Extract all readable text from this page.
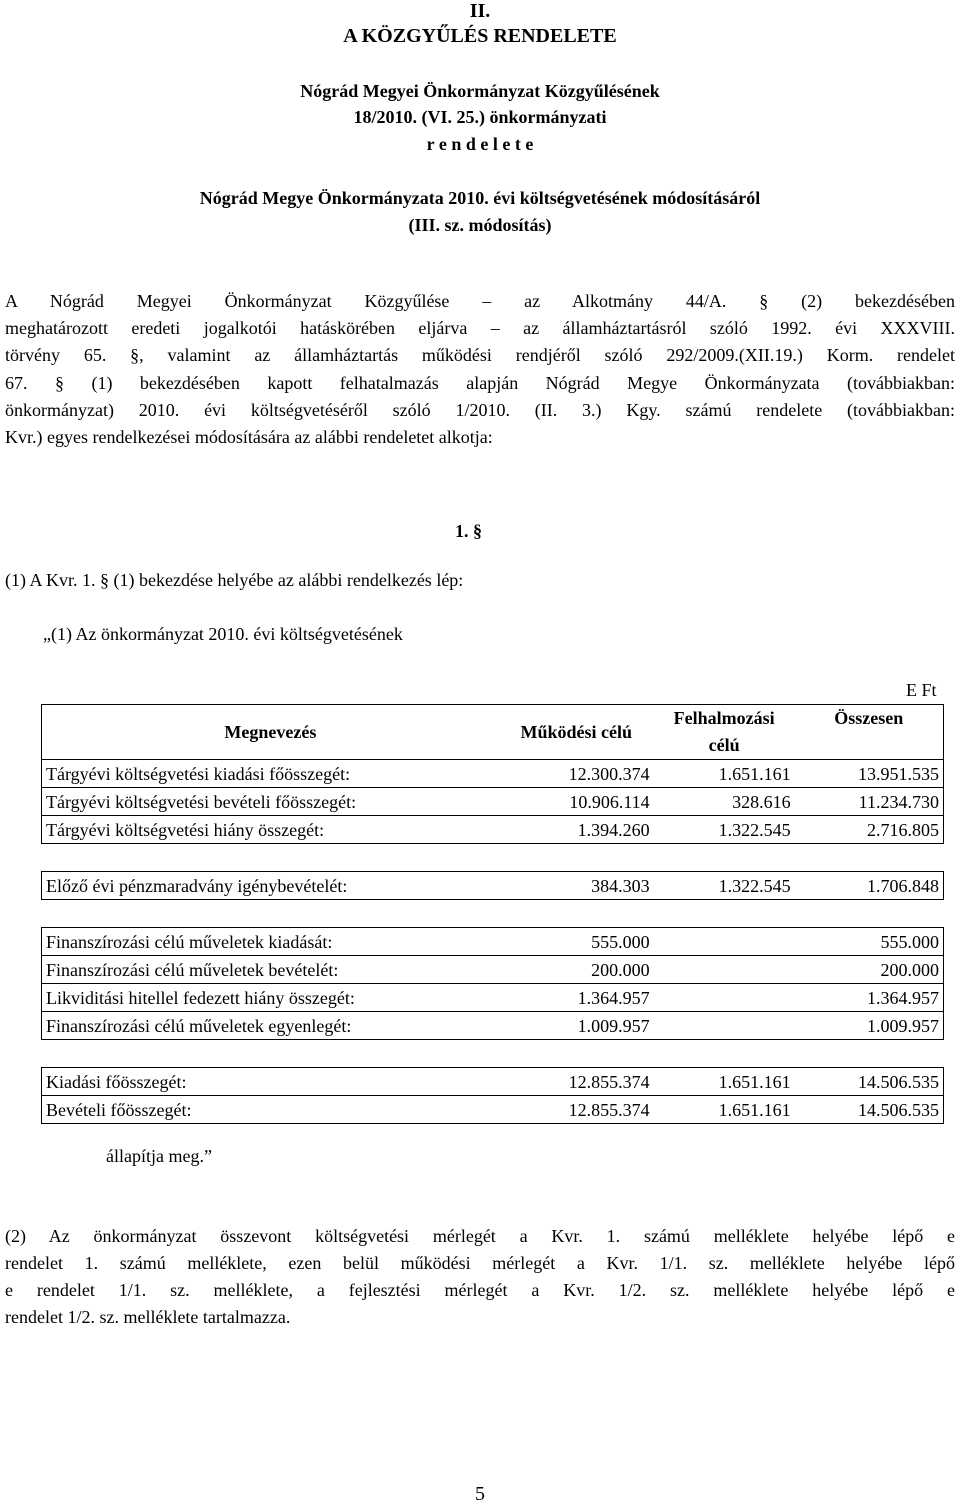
II.
A KÖZGYŰLÉS RENDELETE
Nógrád Megyei Önkormányzat Közgyűlésének
18/2010. (VI. 25.) önkormányzati
r e n d e l e t e
Nógrád Megye Önkormányzata 2010. évi költségvetésének módosításáról
(III. sz. módosítás)
A Nógrád Megyei Önkormányzat Közgyűlése – az Alkotmány 44/A. § (2) bekezdésében
meghatározott eredeti jogalkotói hatáskörében eljárva – az államháztartásról szóló 1992. évi XXXVIII.
törvény 65. §, valamint az államháztartás működési rendjéről szóló 292/2009.(XII.19.) Korm. rendelet
67. § (1) bekezdésében kapott felhatalmazás alapján Nógrád Megye Önkormányzata (továbbiakban:
önkormányzat) 2010. évi költségvetéséről szóló 1/2010. (II. 3.) Kgy. számú rendelete (továbbiakban:
Kvr.) egyes rendelkezései módosítására az alábbi rendeletet alkotja:
1. §
(1) A Kvr. 1. § (1) bekezdése helyébe az alábbi rendelkezés lép:
„(1) Az önkormányzat 2010. évi költségvetésének
E Ft
Megnevezés	Működési célú	Felhalmozási célú	Összesen
Tárgyévi költségvetési kiadási főösszegét:	12.300.374	1.651.161	13.951.535
Tárgyévi költségvetési bevételi főösszegét:	10.906.114	328.616	11.234.730
Tárgyévi költségvetési hiány összegét:	1.394.260	1.322.545	2.716.805

Előző évi pénzmaradvány igénybevételét:	384.303	1.322.545	1.706.848

Finanszírozási célú műveletek kiadását:	555.000		555.000
Finanszírozási célú műveletek bevételét:	200.000		200.000
Likviditási hitellel fedezett hiány összegét:	1.364.957		1.364.957
Finanszírozási célú műveletek egyenlegét:	1.009.957		1.009.957

Kiadási főösszegét:	12.855.374	1.651.161	14.506.535
Bevételi főösszegét:	12.855.374	1.651.161	14.506.535
állapítja meg.”
(2) Az önkormányzat összevont költségvetési mérlegét a Kvr. 1. számú melléklete helyébe lépő e
rendelet 1. számú melléklete, ezen belül működési mérlegét a Kvr. 1/1. sz. melléklete helyébe lépő
e rendelet 1/1. sz. melléklete, a fejlesztési mérlegét a Kvr. 1/2. sz. melléklete helyébe lépő e
rendelet 1/2. sz. melléklete tartalmazza.
5
